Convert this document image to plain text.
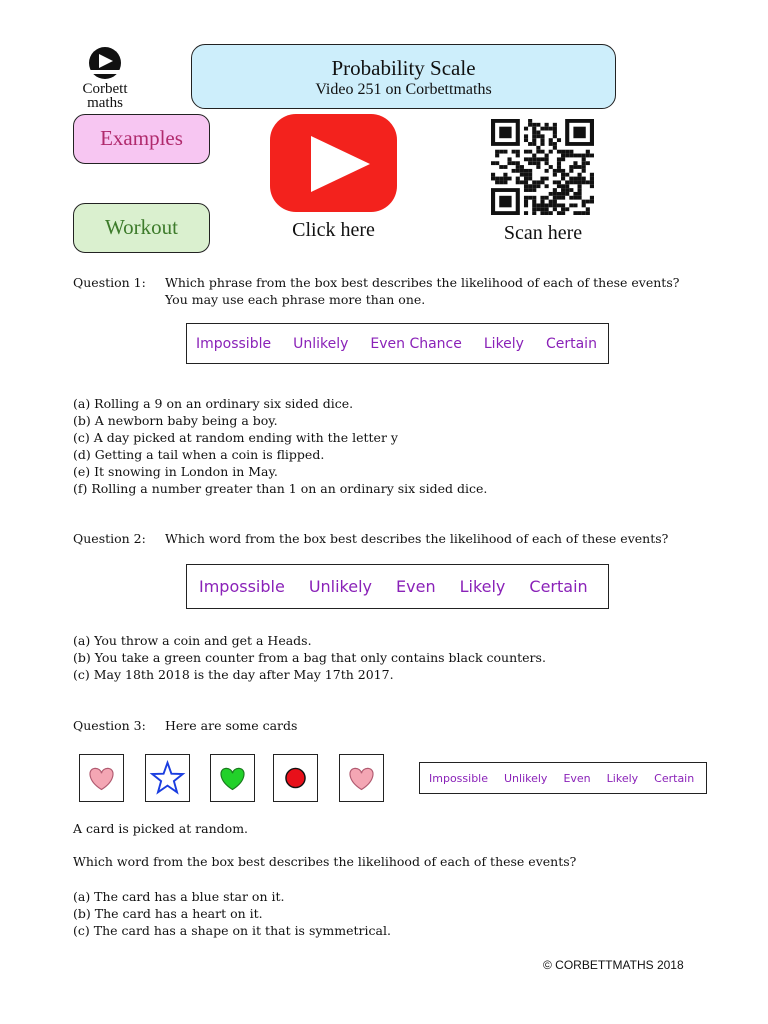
Corbett
maths
Probability Scale
Video 251 on Corbettmaths
Examples
Workout	Click here	Scan here
Question 1: Which phrase from the box best describes the likelihood of each of these events?
You may use each phrase more than one.
Impossible Unlikely Even Chance Likely Certain
(a) Rolling a 9 on an ordinary six sided dice.
(b) A newborn baby being a boy.
(c) A day picked at random ending with the letter y
(d) Getting a tail when a coin is flipped.
(e) It snowing in London in May.
(f) Rolling a number greater than 1 on an ordinary six sided dice.
Question 2: Which word from the box best describes the likelihood of each of these events?
Impossible Unlikely Even Likely Certain
(a) You throw a coin and get a Heads.
(b) You take a green counter from a bag that only contains black counters.
(c) May 18th 2018 is the day after May 17th 2017.
Question 3: Here are some cards
Impossible Unlikely Even Likely Certain
A card is picked at random.
Which word from the box best describes the likelihood of each of these events?
(a) The card has a blue star on it.
(b) The card has a heart on it.
(c) The card has a shape on it that is symmetrical.
© CORBETTMATHS 2018
